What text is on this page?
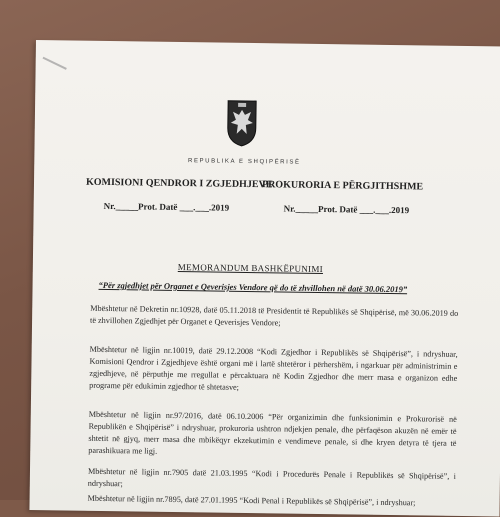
REPUBLIKA E SHQIPËRISË
KOMISIONI QENDROR I ZGJEDHJEVE
PROKURORIA E PËRGJITHSHME
Nr._____Prot. Datë ___.___.2019	Nr._____Prot. Datë ___.___.2019
MEMORANDUM BASHKËPUNIMI
“Për zgjedhjet për Organet e Qeverisjes Vendore që do të zhvillohen në datë 30.06.2019”

Mbështetur në Dekretin nr.10928, datë 05.11.2018 të Presidentit të Republikës së Shqipërisë, më 30.06.2019 do të zhvillohen Zgjedhjet për Organet e Qeverisjes Vendore;

Mbështetur në ligjin nr.10019, datë 29.12.2008 “Kodi Zgjedhor i Republikës së Shqipërisë”, i ndryshuar, Komisioni Qendror i Zgjedhjeve është organi më i lartë shtetëror i përhershëm, i ngarkuar për administrimin e zgjedhjeve, në përputhje me rregullat e përcaktuara në Kodin Zgjedhor dhe merr masa e organizon edhe programe për edukimin zgjedhor të shtetasve;

Mbështetur në ligjin nr.97/2016, datë 06.10.2006 “Për organizimin dhe funksionimin e Prokurorisë në Republikën e Shqipërisë” i ndryshuar, prokuroria ushtron ndjekjen penale, dhe përfaqëson akuzën në emër të shtetit në gjyq, merr masa dhe mbikëqyr ekzekutimin e vendimeve penale, si dhe kryen detyra të tjera të parashikuara me ligj.

Mbështetur në ligjin nr.7905 datë 21.03.1995 “Kodi i Procedurës Penale i Republikës së Shqipërisë”, i ndryshuar;

Mbështetur në ligjin nr.7895, datë 27.01.1995 “Kodi Penal i Republikës së Shqipërisë”, i ndryshuar;
